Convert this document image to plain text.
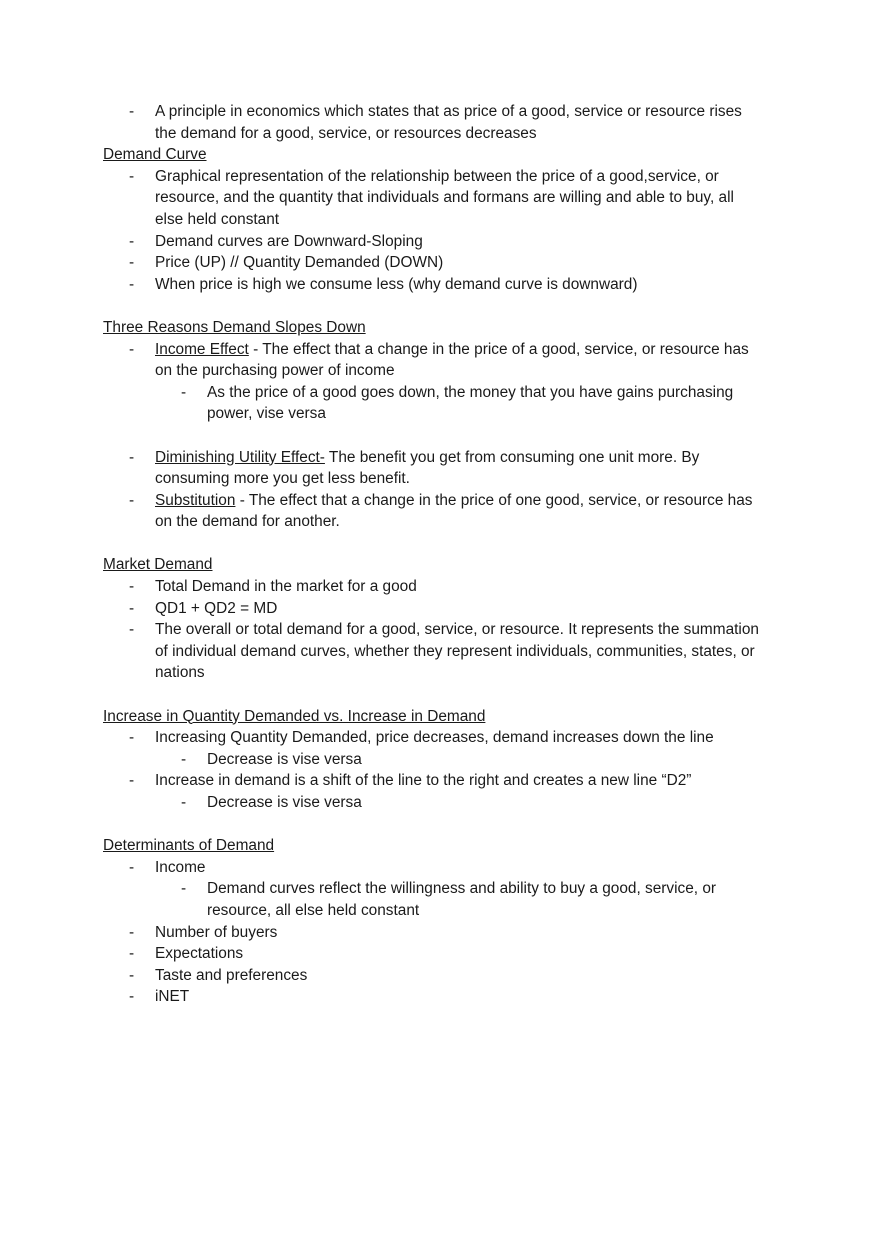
- A principle in economics which states that as price of a good, service or resource rises
the demand for a good, service, or resources decreases
Demand Curve
- Graphical representation of the relationship between the price of a good,service, or
resource, and the quantity that individuals and formans are willing and able to buy, all
else held constant
- Demand curves are Downward-Sloping
- Price (UP) // Quantity Demanded (DOWN)
- When price is high we consume less (why demand curve is downward)
Three Reasons Demand Slopes Down
- Income Effect - The effect that a change in the price of a good, service, or resource has
on the purchasing power of income
- As the price of a good goes down, the money that you have gains purchasing
power, vise versa
- Diminishing Utility Effect- The benefit you get from consuming one unit more. By
consuming more you get less benefit.
- Substitution - The effect that a change in the price of one good, service, or resource has
on the demand for another.
Market Demand
- Total Demand in the market for a good
- QD1 + QD2 = MD
- The overall or total demand for a good, service, or resource. It represents the summation
of individual demand curves, whether they represent individuals, communities, states, or
nations
Increase in Quantity Demanded vs. Increase in Demand
- Increasing Quantity Demanded, price decreases, demand increases down the line
- Decrease is vise versa
- Increase in demand is a shift of the line to the right and creates a new line “D2”
- Decrease is vise versa
Determinants of Demand
- Income
- Demand curves reflect the willingness and ability to buy a good, service, or
resource, all else held constant
- Number of buyers
- Expectations
- Taste and preferences
- iNET
